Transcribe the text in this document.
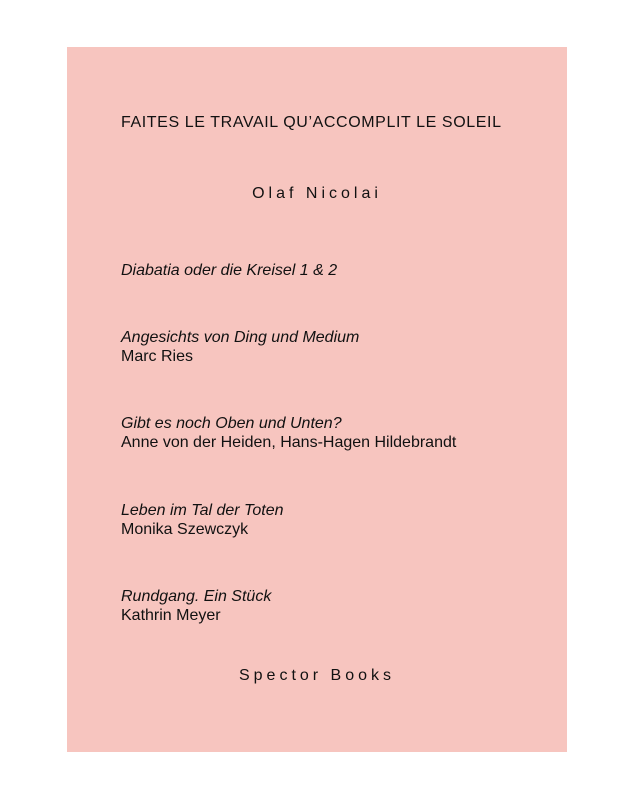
FAITES LE TRAVAIL QU’ACCOMPLIT LE SOLEIL
Olaf Nicolai
Diabatia oder die Kreisel 1 & 2
Angesichts von Ding und Medium
Marc Ries
Gibt es noch Oben und Unten?
Anne von der Heiden, Hans-Hagen Hildebrandt
Leben im Tal der Toten
Monika Szewczyk
Rundgang. Ein Stück
Kathrin Meyer
Spector Books
